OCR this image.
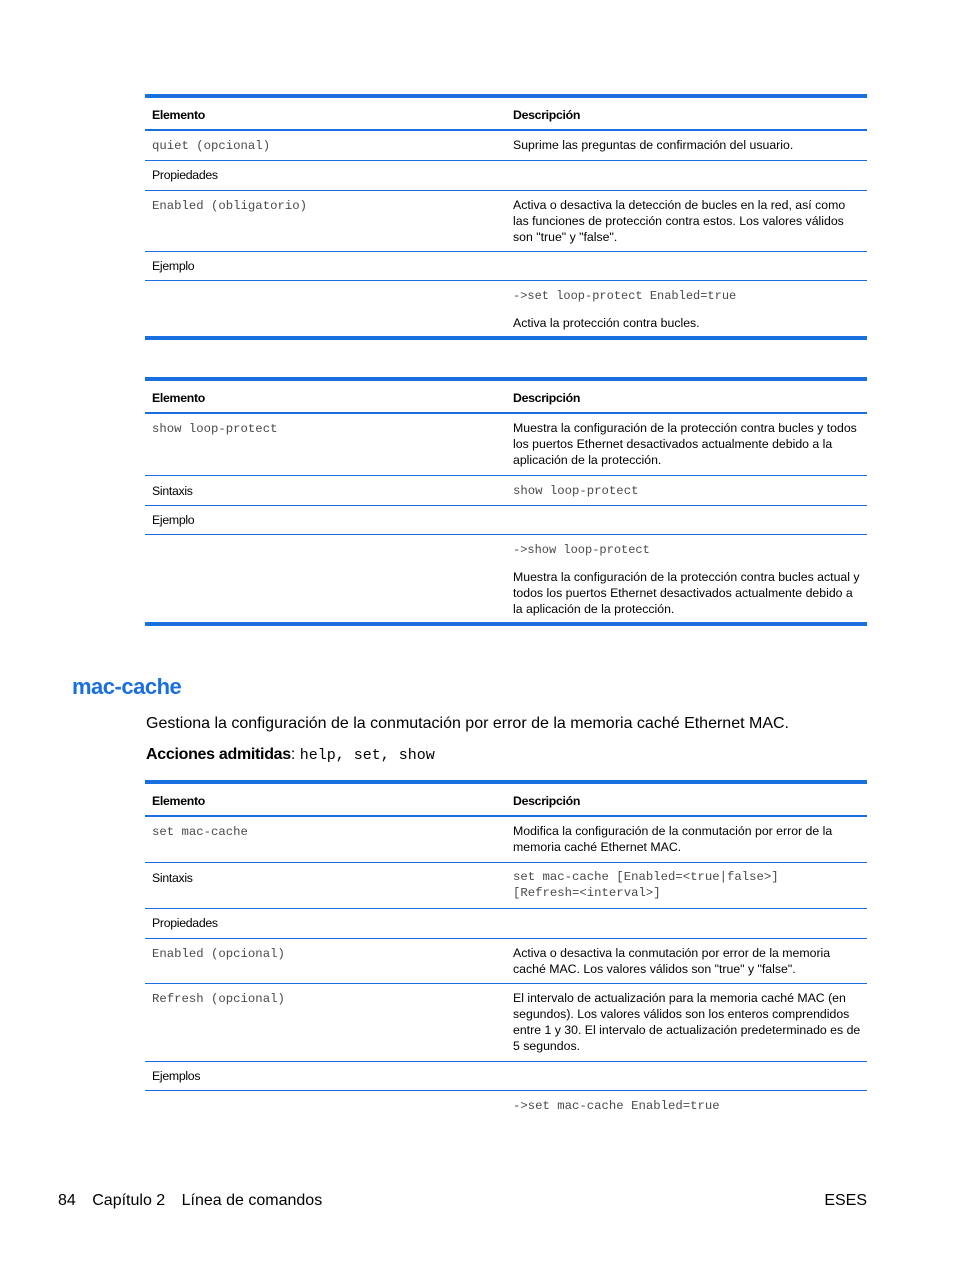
Elemento	Descripción
quiet (opcional)	Suprime las preguntas de confirmación del usuario.
Propiedades	
Enabled (obligatorio)	Activa o desactiva la detección de bucles en la red, así como las funciones de protección contra estos. Los valores válidos son "true" y "false".
Ejemplo	

	->set loop-protect Enabled=true
Activa la protección contra bucles.
Elemento	Descripción
show loop-protect	Muestra la configuración de la protección contra bucles y todos los puertos Ethernet desactivados actualmente debido a la aplicación de la protección.
Sintaxis	show loop-protect
Ejemplo	

	->show loop-protect
Muestra la configuración de la protección contra bucles actual y todos los puertos Ethernet desactivados actualmente debido a la aplicación de la protección.
mac-cache
Gestiona la configuración de la conmutación por error de la memoria caché Ethernet MAC.
Acciones admitidas: help, set, show
Elemento	Descripción
set mac-cache	Modifica la configuración de la conmutación por error de la memoria caché Ethernet MAC.
Sintaxis	set mac-cache [Enabled=<true|false>]
[Refresh=<interval>]

Propiedades	
Enabled (opcional)	Activa o desactiva la conmutación por error de la memoria caché MAC. Los valores válidos son "true" y "false".
Refresh (opcional)	El intervalo de actualización para la memoria caché MAC (en segundos). Los valores válidos son los enteros comprendidos entre 1 y 30. El intervalo de actualización predeterminado es de 5 segundos.
Ejemplos	
	->set mac-cache Enabled=true
84 Capítulo 2 Línea de comandos	ESES
